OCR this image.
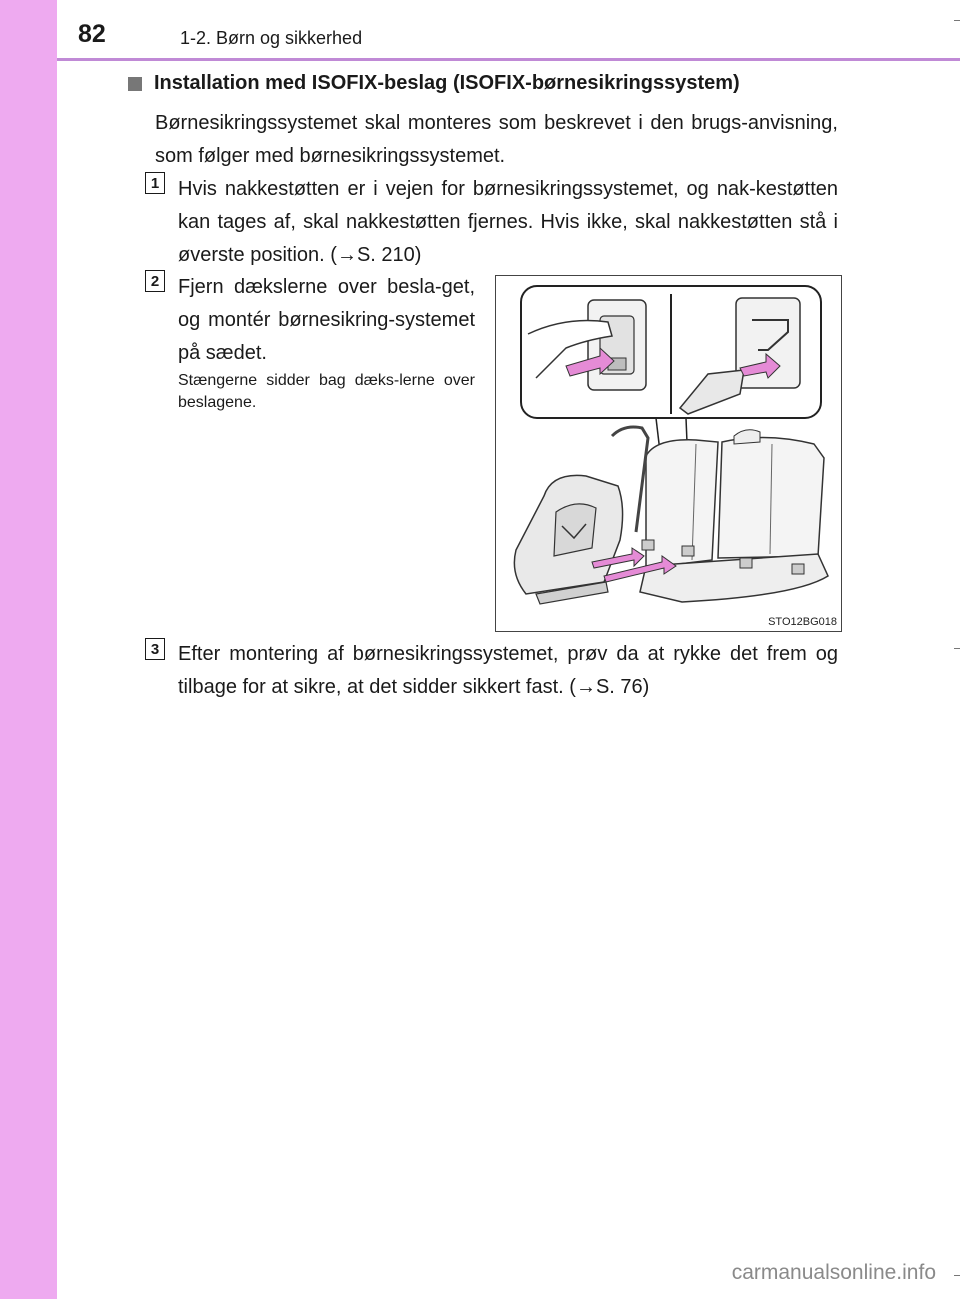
82	1-2. Børn og sikkerhed
Installation med ISOFIX-beslag (ISOFIX-børnesikringssystem)
Børnesikringssystemet skal monteres som beskrevet i den brugs-anvisning, som følger med børnesikringssystemet.
1 Hvis nakkestøtten er i vejen for børnesikringssystemet, og nak-kestøtten kan tages af, skal nakkestøtten fjernes. Hvis ikke, skal nakkestøtten stå i øverste position. (→S. 210)
2 Fjern dækslerne over besla-get, og montér børnesikring-systemet på sædet.
Stængerne sidder bag dæks-lerne over beslagene.
STO12BG018
3 Efter montering af børnesikringssystemet, prøv da at rykke det frem og tilbage for at sikre, at det sidder sikkert fast. (→S. 76)
carmanualsonline.info
